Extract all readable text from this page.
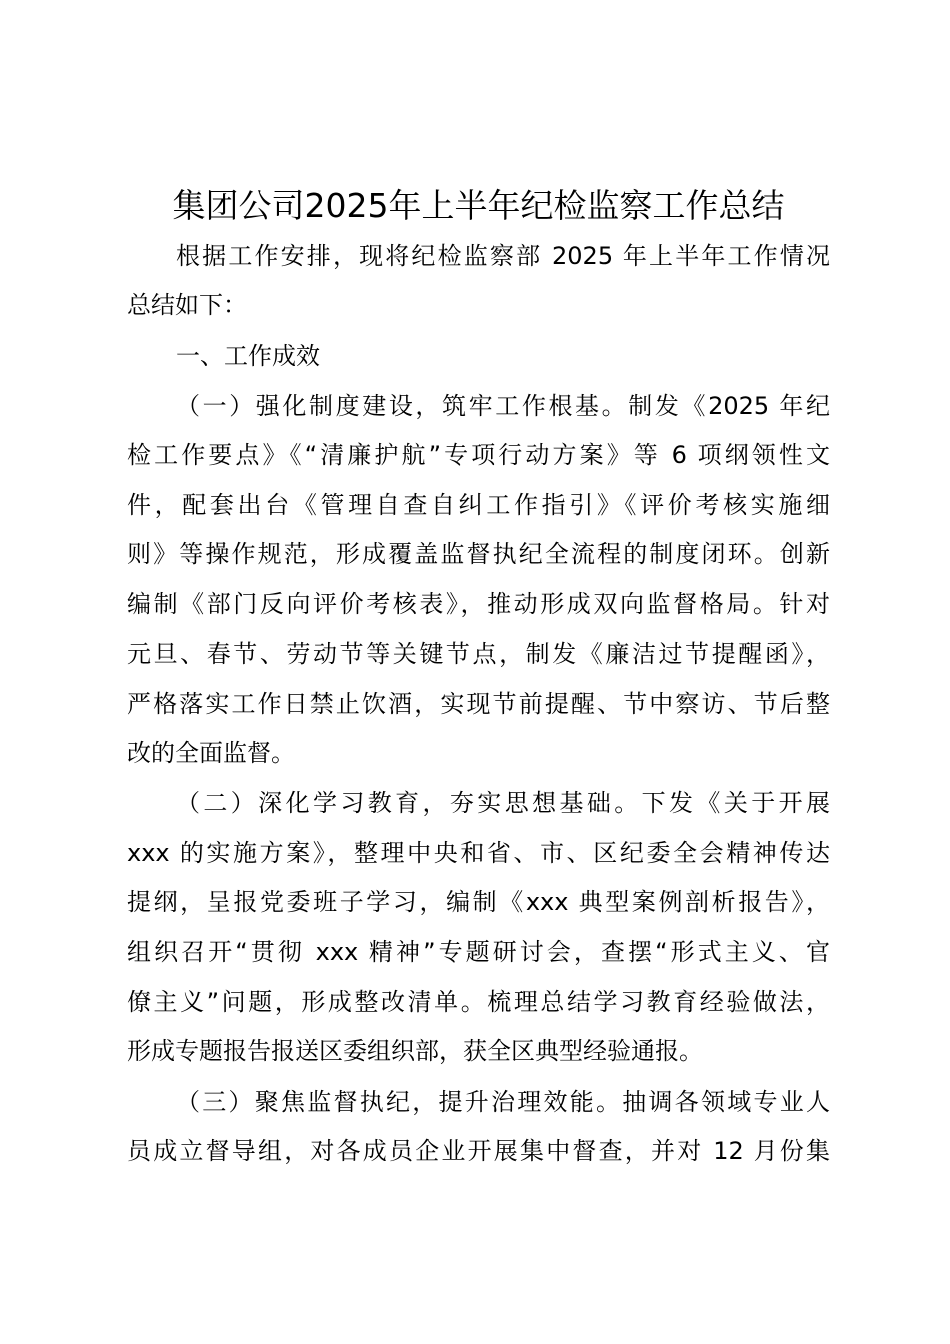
集团公司2025年上半年纪检监察工作总结
根据工作安排，现将纪检监察部 2025 年上半年工作情况
总结如下：
一、工作成效
（一）强化制度建设，筑牢工作根基。制发《2025 年纪
检工作要点》《“清廉护航”专项行动方案》等 6 项纲领性文
件，配套出台《管理自查自纠工作指引》《评价考核实施细
则》等操作规范，形成覆盖监督执纪全流程的制度闭环。创新
编制《部门反向评价考核表》，推动形成双向监督格局。针对
元旦、春节、劳动节等关键节点，制发《廉洁过节提醒函》，
严格落实工作日禁止饮酒，实现节前提醒、节中察访、节后整
改的全面监督。
（二）深化学习教育，夯实思想基础。下发《关于开展
xxx 的实施方案》，整理中央和省、市、区纪委全会精神传达
提纲，呈报党委班子学习，编制《xxx 典型案例剖析报告》，
组织召开“贯彻 xxx 精神”专题研讨会，查摆“形式主义、官
僚主义”问题，形成整改清单。梳理总结学习教育经验做法，
形成专题报告报送区委组织部，获全区典型经验通报。
（三）聚焦监督执纪，提升治理效能。抽调各领域专业人
员成立督导组，对各成员企业开展集中督查，并对 12 月份集
